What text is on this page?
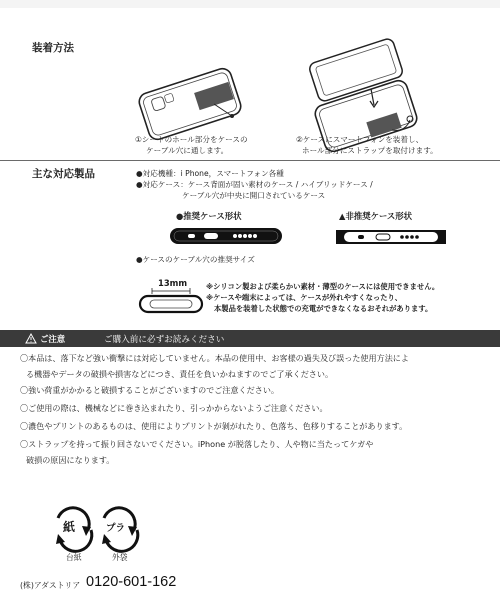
装着方法
①シートのホール部分をケースの
ケーブル穴に通します。
②ケースにスマートフォンを装着し、
ホール部分にストラップを取付けます。
主な対応製品	●対応機種：i Phone，スマートフォン各種
●対応ケース：ケース背面が固い素材のケース / ハイブリッドケース /
ケーブル穴が中央に開口されているケース
●推奨ケース形状	▲非推奨ケース形状
●ケースのケーブル穴の推奨サイズ
13mm	※シリコン製および柔らかい素材・薄型のケースには使用できません。
※ケースや端末によっては、ケースが外れやすくなったり、
本製品を装着した状態での充電ができなくなるおそれがあります。
ご注意	ご購入前に必ずお読みください
〇本品は、落下など強い衝撃には対応していません。本品の使用中、お客様の過失及び誤った使用方法によ
る機器やデータの破損や損害などにつき、責任を負いかねますのでご了承ください。
〇強い荷重がかかると破損することがございますのでご注意ください。
〇ご使用の際は、機械などに巻き込まれたり、引っかからないようご注意ください。
〇濃色やプリントのあるものは、使用によりプリントが剝がれたり、色落ち、色移りすることがあります。
〇ストラップを持って振り回さないでください。iPhone が脱落したり、人や物に当たってケガや
破損の原因になります。
紙
台紙
プラ
外袋
(株)アダストリア 0120-601-162
